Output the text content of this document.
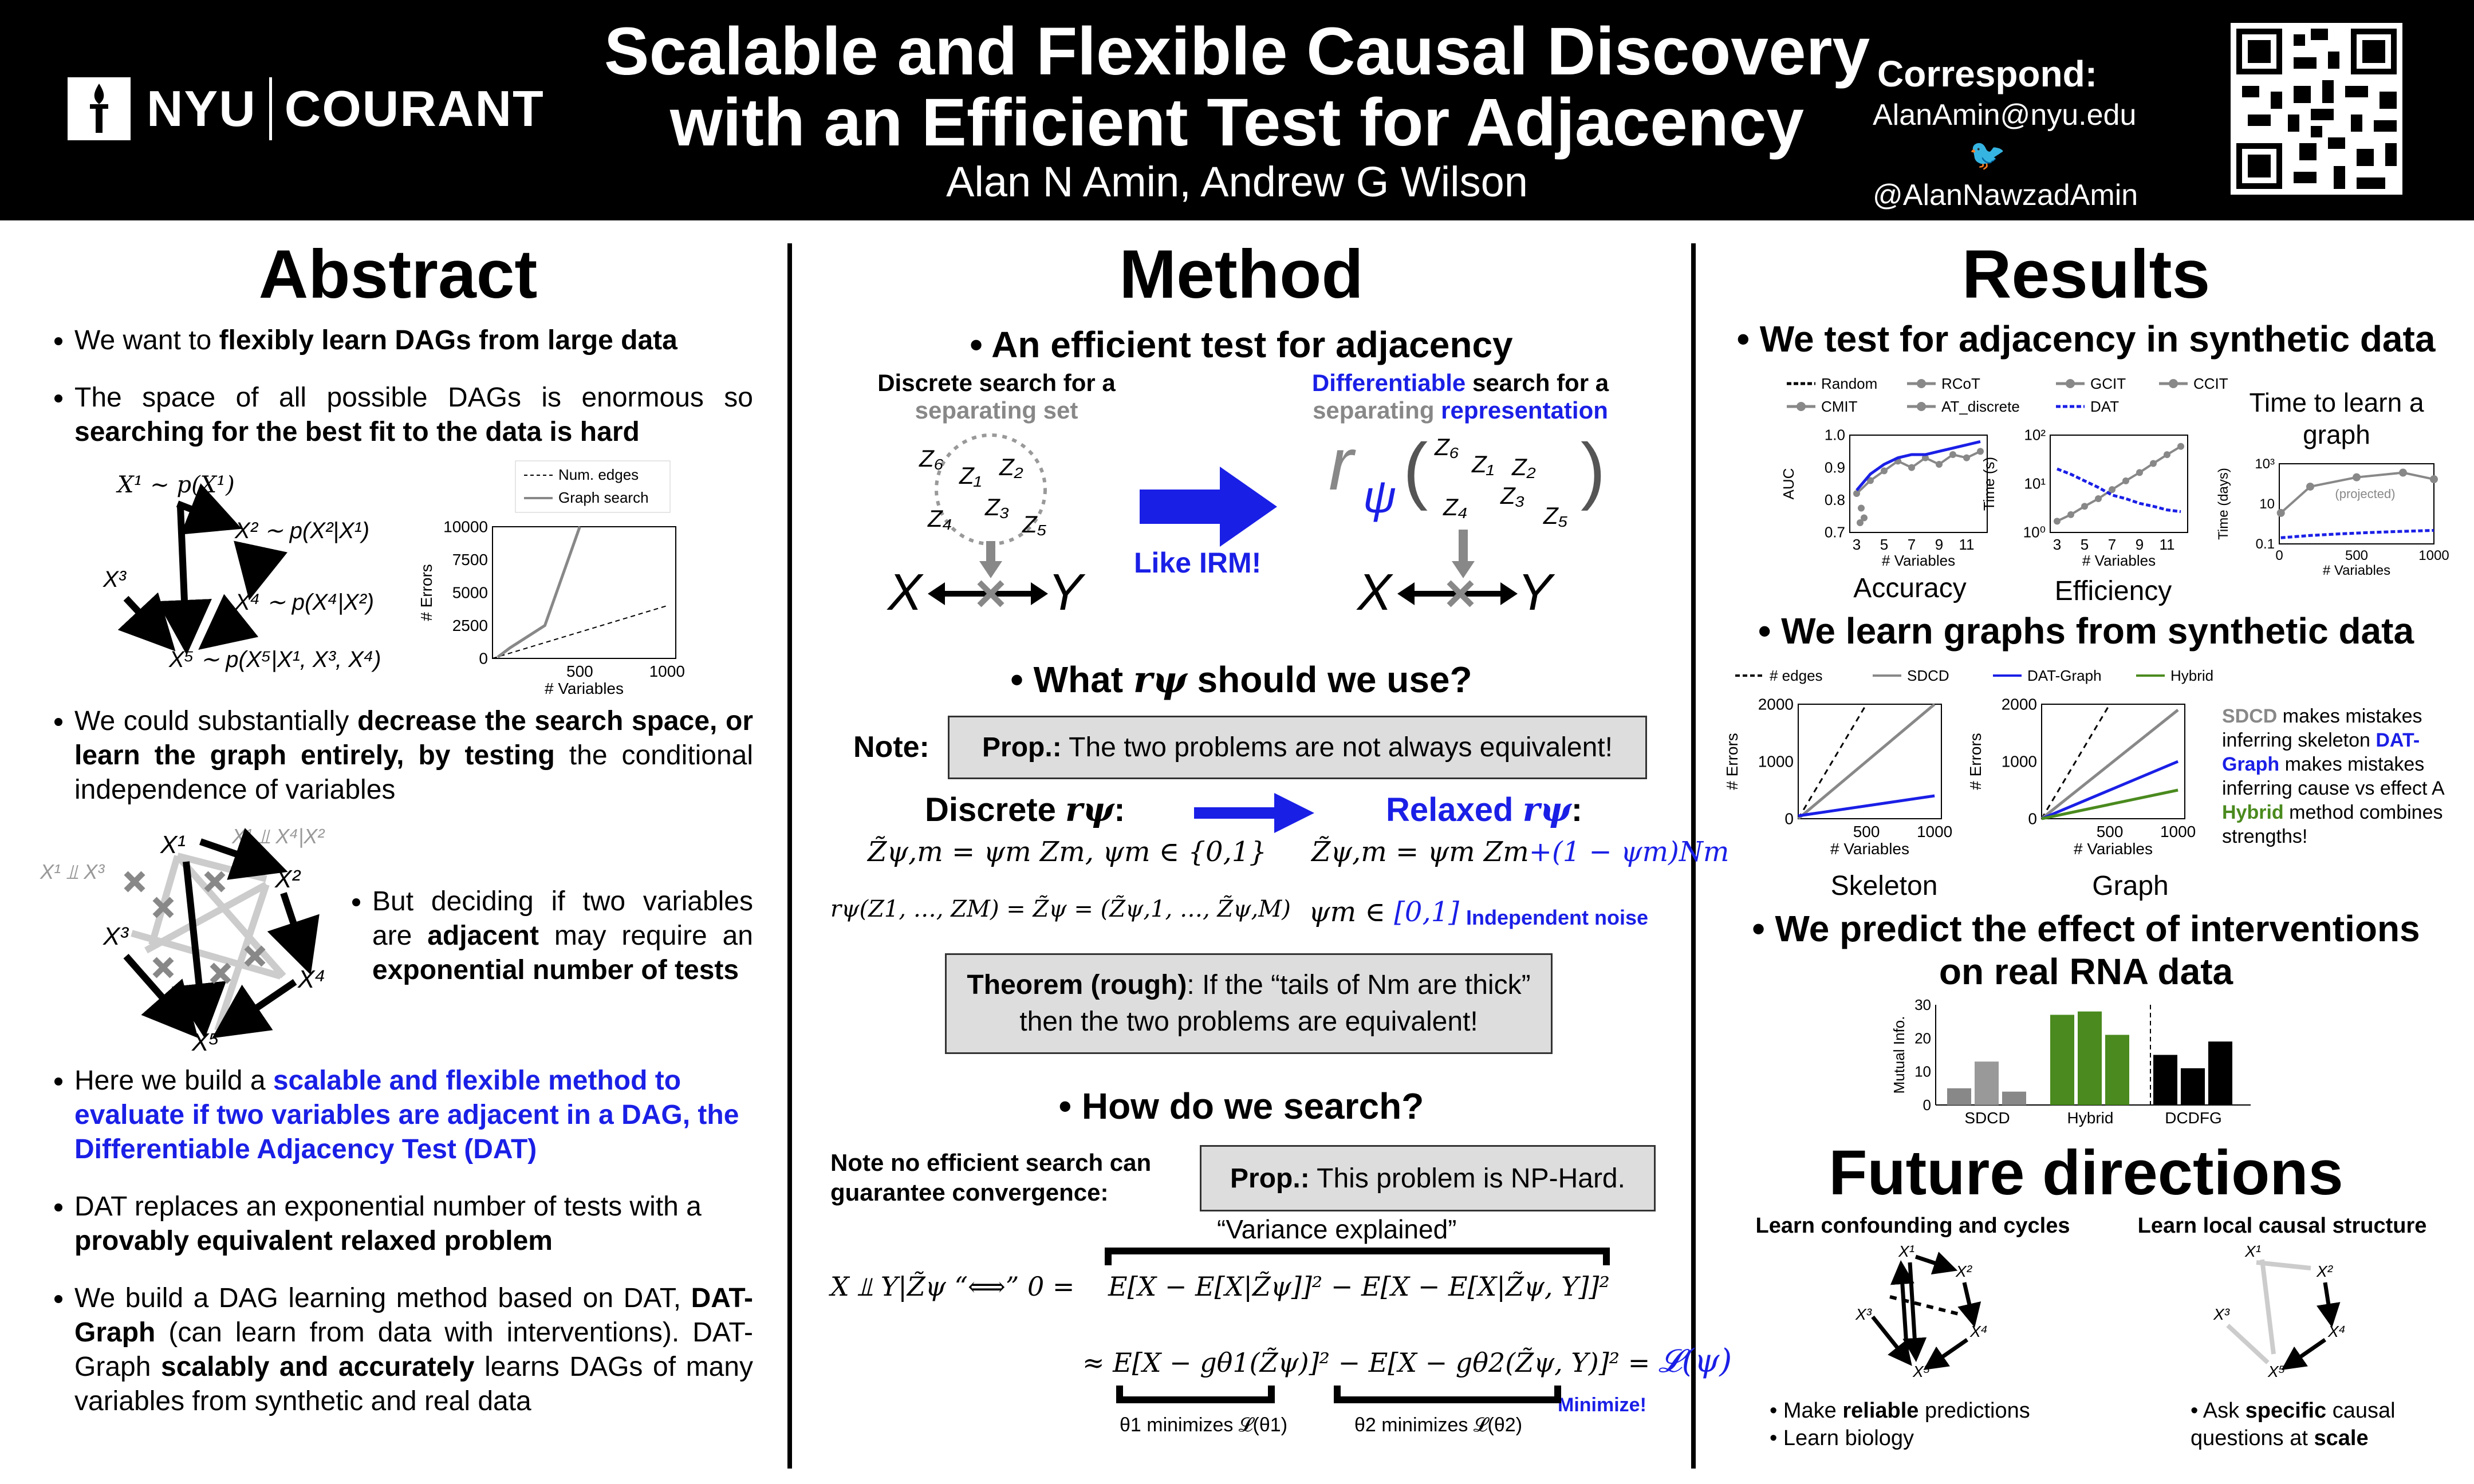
NYU COURANT
Scalable and Flexible Causal Discovery
with an Efficient Test for Adjacency
Alan N Amin, Andrew G Wilson
Correspond:
AlanAmin@nyu.edu
🐦@AlanNawzadAmin
Abstract
• We want to flexibly learn DAGs from large data
• The space of all possible DAGs is enormous so searching for the best fit to the data is hard
X¹ ∼ p(X¹)
X² ∼ p(X²|X¹)
X³
X⁴ ∼ p(X⁴|X²)
X⁵ ∼ p(X⁵|X¹, X³, X⁴)
10000
7500
5000
2500
0
500	1000
# Variables
# Errors
Num. edges
Graph search
• We could substantially decrease the search space, or learn the graph entirely, by testing the conditional independence of variables
X¹ ⫫ X³
X¹ ⫫ X⁴|X²
X¹
X²
X³
X⁴
X⁵
• But deciding if two variables are adjacent may require an exponential number of tests
• Here we build a scalable and flexible method to evaluate if two variables are adjacent in a DAG, the Differentiable Adjacency Test (DAT)
• DAT replaces an exponential number of tests with a provably equivalent relaxed problem
• We build a DAG learning method based on DAT, DAT-Graph (can learn from data with interventions). DAT-Graph scalably and accurately learns DAGs of many variables from synthetic and real data
Method
• An efficient test for adjacency
Discrete search for a
separating set
Differentiable search for a
separating representation
Z₆
Z₁ Z₂
Z₃
Z₄	Z₅
X Y
Like IRM!
r ψ ( )
Z₆
Z₁ Z₂
Z₃
Z₄	Z₅
X Y
• What rψ should we use?
Note: Prop.: The two problems are not always equivalent!
Discrete rψ:	Relaxed rψ:
Z̃ψ,m = ψm Zm, ψm ∈ {0,1}
rψ(Z1, …, ZM) = Z̃ψ = (Z̃ψ,1, …, Z̃ψ,M)
Z̃ψ,m = ψm Zm+(1 − ψm)Nm
ψm ∈ [0,1] Independent noise
Theorem (rough): If the “tails of Nm are thick” then the two problems are equivalent!
• How do we search?
Note no efficient search can guarantee convergence:	Prop.: This problem is NP-Hard.
“Variance explained”
X ⫫ Y|Z̃ψ “⟺” 0 = E[X − E[X|Z̃ψ]]² − E[X − E[X|Z̃ψ, Y]]²
≈ E[X − gθ1(Z̃ψ)]² − E[X − gθ2(Z̃ψ, Y)]² = 𝓛(ψ)
Minimize!
θ1 minimizes 𝓛(θ1)	θ2 minimizes 𝓛(θ2)
Results
• We test for adjacency in synthetic data
Random	RCoT	GCIT	CCIT
CMIT	AT_discrete	DAT
1.0
0.9
0.8
0.7
3 5 7 9 11
# Variables
AUC
10²
10¹
10⁰
3 5 7 9 11
# Variables
Time (s)
Accuracy	Efficiency
Time to learn a graph
10³
10
0.1
0	500	1000
# Variables
Time (days)	(projected)
• We learn graphs from synthetic data
# edges	SDCD	DAT-Graph	Hybrid
2000
1000
0
500 1000
# Variables
# Errors
2000
1000
0
500 1000
# Variables
# Errors
Skeleton	Graph
SDCD makes mistakes inferring skeleton DAT-Graph makes mistakes inferring cause vs effect A Hybrid method combines strengths!
• We predict the effect of interventions
on real RNA data
30
20
10
0
Mutual Info.
SDCD	Hybrid	DCDFG
Future directions
Learn confounding and cycles	Learn local causal structure
X¹
X²
X³
X⁴
X⁵
X¹
X²
X³
X⁴
X⁵
• Make reliable predictions
• Learn biology
• Ask specific causal questions at scale
